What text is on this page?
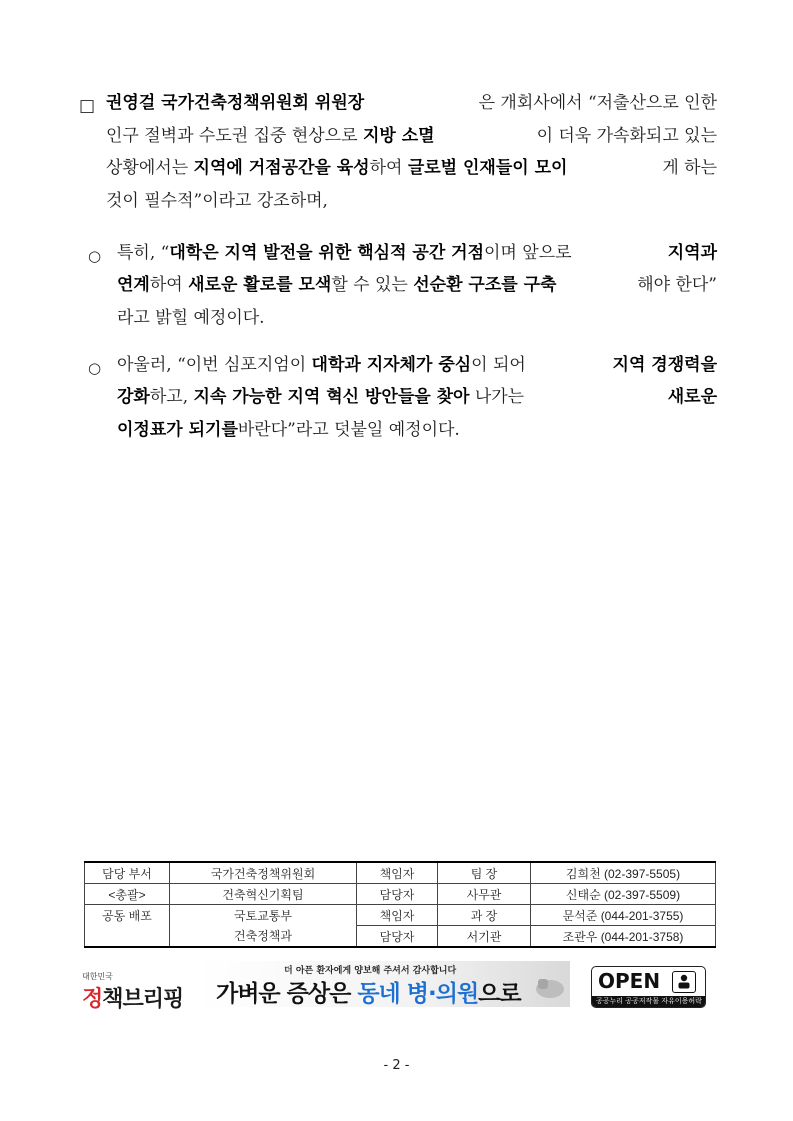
□ 권영걸 국가건축정책위원회 위원장	은 개회사에서 “저출산으로 인한
인구 절벽과 수도권 집중 현상으로 지방 소멸	이 더욱 가속화되고 있는
상황에서는 지역에 거점공간을 육성하여 글로벌 인재들이 모이	게 하는
것이 필수적”이라고 강조하며,
○ 특히, “대학은 지역 발전을 위한 핵심적 공간 거점이며 앞으로	지역과
연계하여 새로운 활로를 모색할 수 있는 선순환 구조를 구축	해야 한다”
라고 밝힐 예정이다.
○ 아울러, “이번 심포지엄이 대학과 지자체가 중심이 되어	지역 경쟁력을
강화하고, 지속 가능한 지역 혁신 방안들을 찾아 나가는	새로운
이정표가 되기를 바란다”라고 덧붙일 예정이다.
담당 부서	국가건축정책위원회	책임자	팀 장	김희천 (02-397-5505)
<총괄>	건축혁신기획팀	담당자	사무관	신태순 (02-397-5509)
공동 배포	국토교통부	책임자	과 장	문석준 (044-201-3755)
	건축정책과	담당자	서기관	조관우 (044-201-3758)
대한민국
정책브리핑
더 아픈 환자에게 양보해 주셔서 감사합니다
가벼운 증상은 동네 병·의원으로	OPEN
공공누리 공공저작물 자유이용허락
- 2 -
